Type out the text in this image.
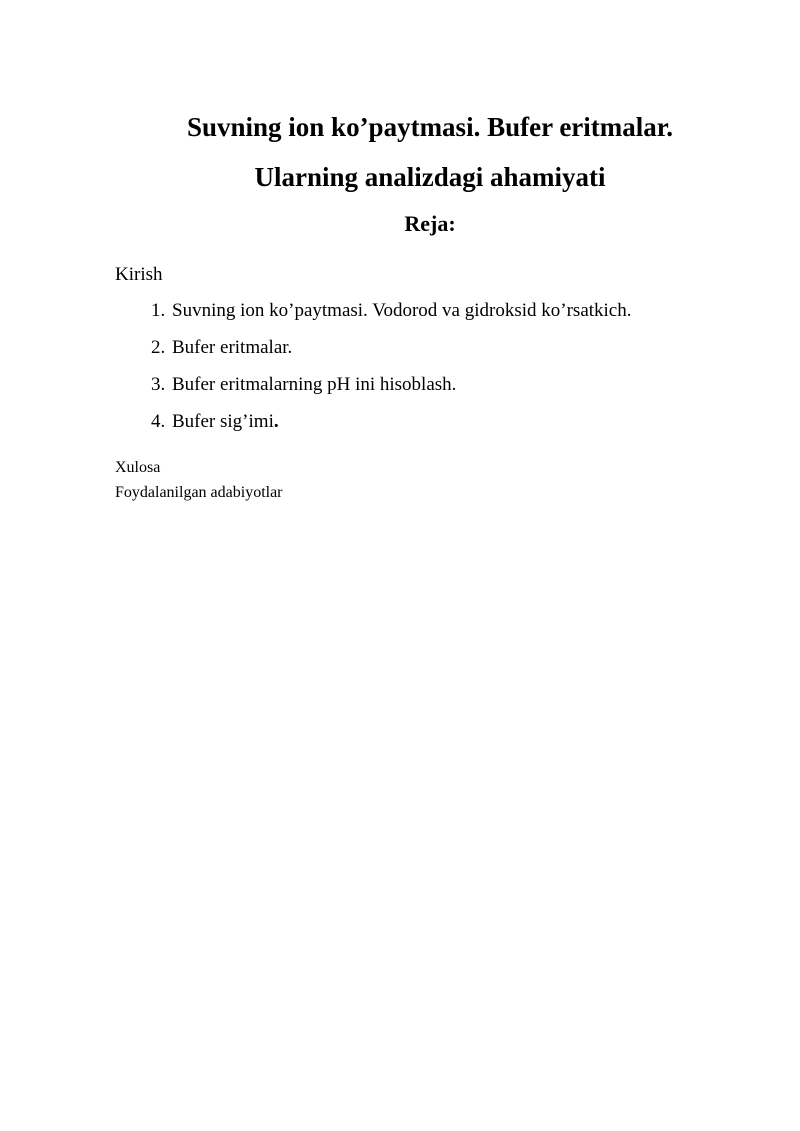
Suvning ion ko’paytmasi. Bufer eritmalar.
Ularning analizdagi ahamiyati
Reja:
Kirish
1. Suvning ion ko’paytmasi. Vodorod va gidroksid ko’rsatkich.
2. Bufer eritmalar.
3. Bufer eritmalarning pH ini hisoblash.
4. Bufer sig’imi .
Xulosa
Foydalanilgan adabiyotlar
